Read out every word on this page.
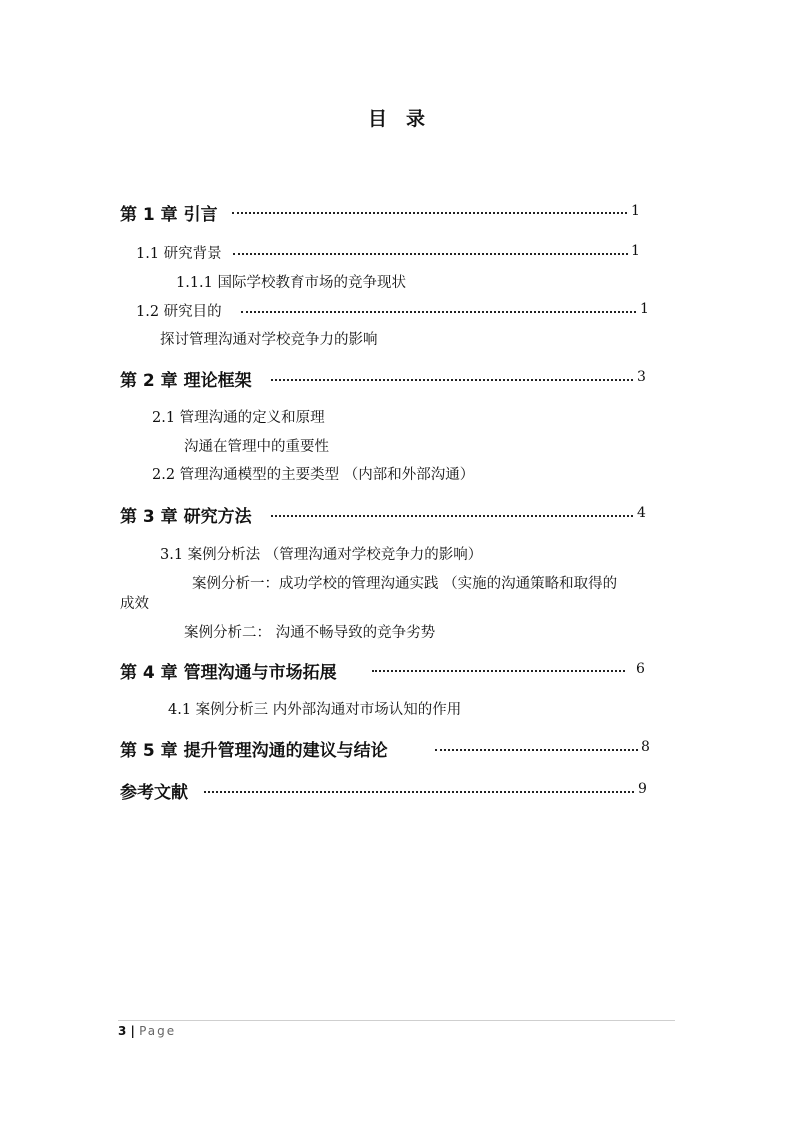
目　录
第 1 章 引言	1
1.1 研究背景	1
1.1.1 国际学校教育市场的竞争现状
1.2 研究目的	1
探讨管理沟通对学校竞争力的影响
第 2 章 理论框架	3
2.1 管理沟通的定义和原理
沟通在管理中的重要性
2.2 管理沟通模型的主要类型 （内部和外部沟通）
第 3 章 研究方法	4
3.1 案例分析法 （管理沟通对学校竞争力的影响）
案例分析一：成功学校的管理沟通实践 （实施的沟通策略和取得的
成效
案例分析二： 沟通不畅导致的竞争劣势
第 4 章 管理沟通与市场拓展	6
4.1 案例分析三 内外部沟通对市场认知的作用
第 5 章 提升管理沟通的建议与结论	8
参考文献	9
3 | Page
